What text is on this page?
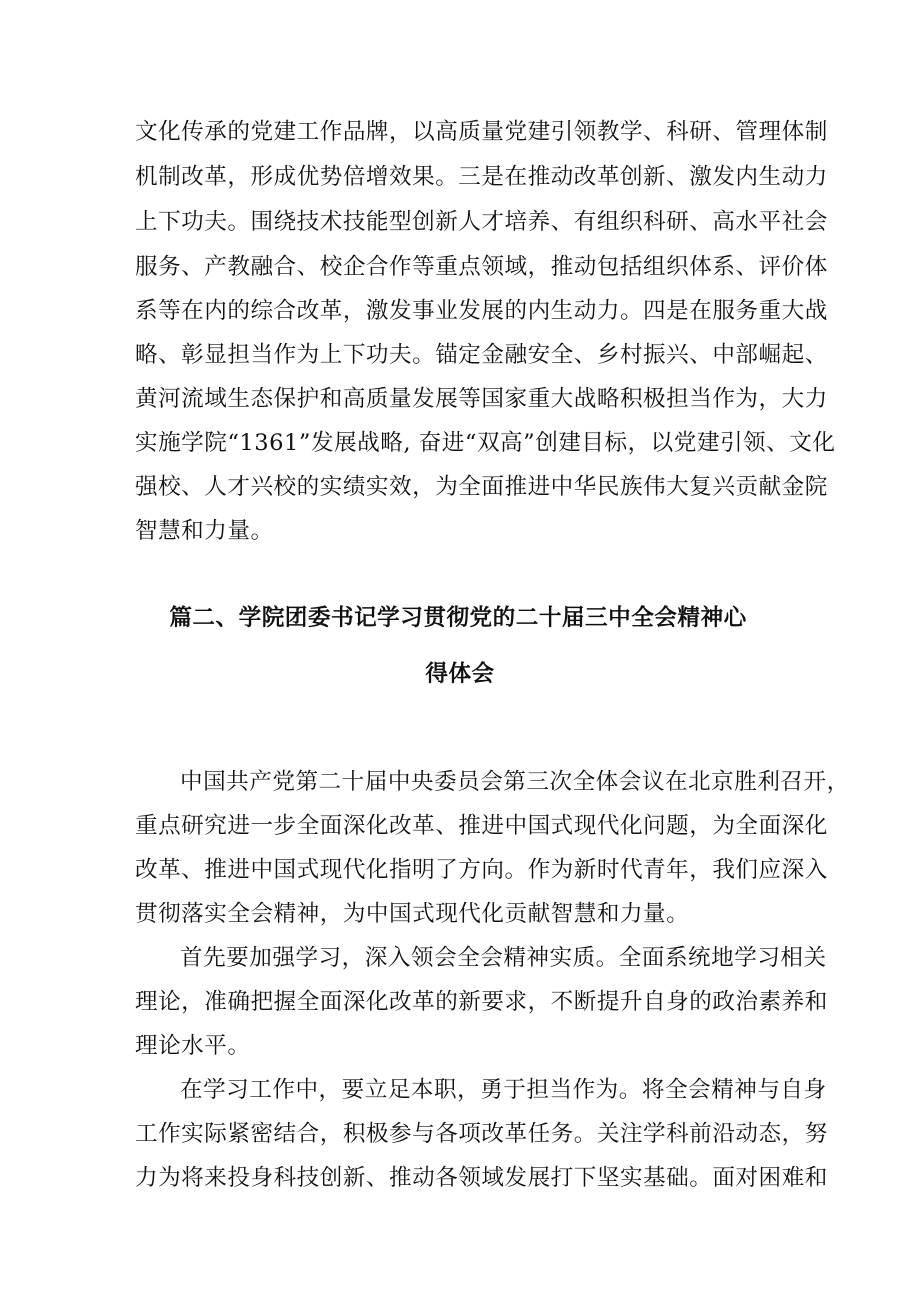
文化传承的党建工作品牌，以高质量党建引领教学、科研、管理体制
机制改革，形成优势倍增效果。三是在推动改革创新、激发内生动力
上下功夫。围绕技术技能型创新人才培养、有组织科研、高水平社会
服务、产教融合、校企合作等重点领域，推动包括组织体系、评价体
系等在内的综合改革，激发事业发展的内生动力。四是在服务重大战
略、彰显担当作为上下功夫。锚定金融安全、乡村振兴、中部崛起、
黄河流域生态保护和高质量发展等国家重大战略积极担当作为，大力
实施学院“1361”发展战略, 奋进“双高”创建目标，以党建引领、文化
强校、人才兴校的实绩实效，为全面推进中华民族伟大复兴贡献金院
智慧和力量。
篇二、学院团委书记学习贯彻党的二十届三中全会精神心
得体会
中国共产党第二十届中央委员会第三次全体会议在北京胜利召开，
重点研究进一步全面深化改革、推进中国式现代化问题，为全面深化
改革、推进中国式现代化指明了方向。作为新时代青年，我们应深入
贯彻落实全会精神，为中国式现代化贡献智慧和力量。
首先要加强学习，深入领会全会精神实质。全面系统地学习相关
理论，准确把握全面深化改革的新要求，不断提升自身的政治素养和
理论水平。
在学习工作中，要立足本职，勇于担当作为。将全会精神与自身
工作实际紧密结合，积极参与各项改革任务。关注学科前沿动态，努
力为将来投身科技创新、推动各领域发展打下坚实基础。面对困难和
